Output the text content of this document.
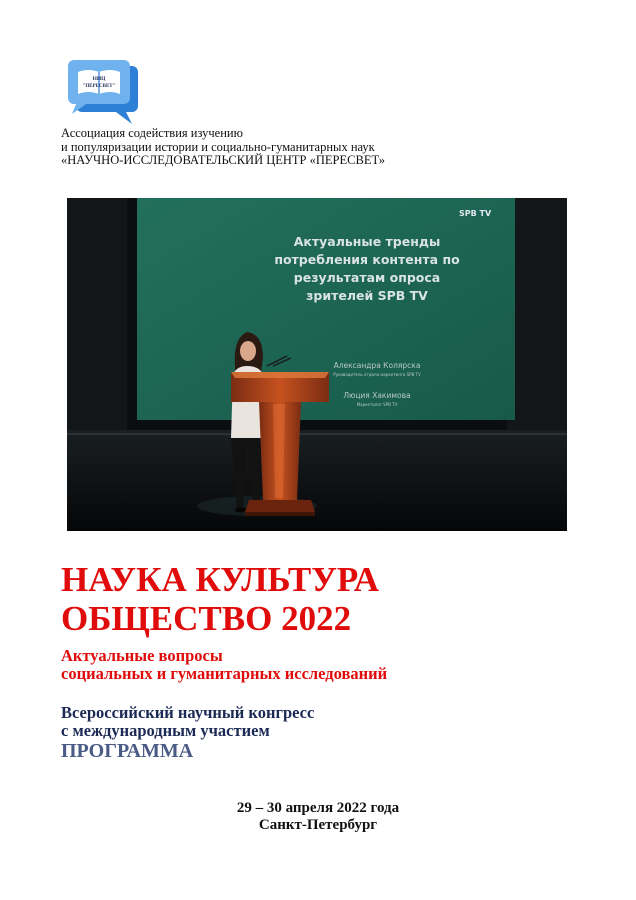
НИЦ
"ПЕРЕСВЕТ"
Ассоциация содействия изучению
и популяризации истории и социально-гуманитарных наук
«НАУЧНО-ИССЛЕДОВАТЕЛЬСКИЙ ЦЕНТР «ПЕРЕСВЕТ»
SPB TV
Актуальные тренды
потребления контента по
результатам опроса
зрителей SPB TV
Александра Колярска
Руководитель отдела маркетинга SPB TV
Люция Хакимова
Маркетолог SPB TV
НАУКА КУЛЬТУРА
ОБЩЕСТВО 2022
Актуальные вопросы
социальных и гуманитарных исследований
Всероссийский научный конгресс
с международным участием
ПРОГРАММА
29 – 30 апреля 2022 года
Санкт-Петербург
